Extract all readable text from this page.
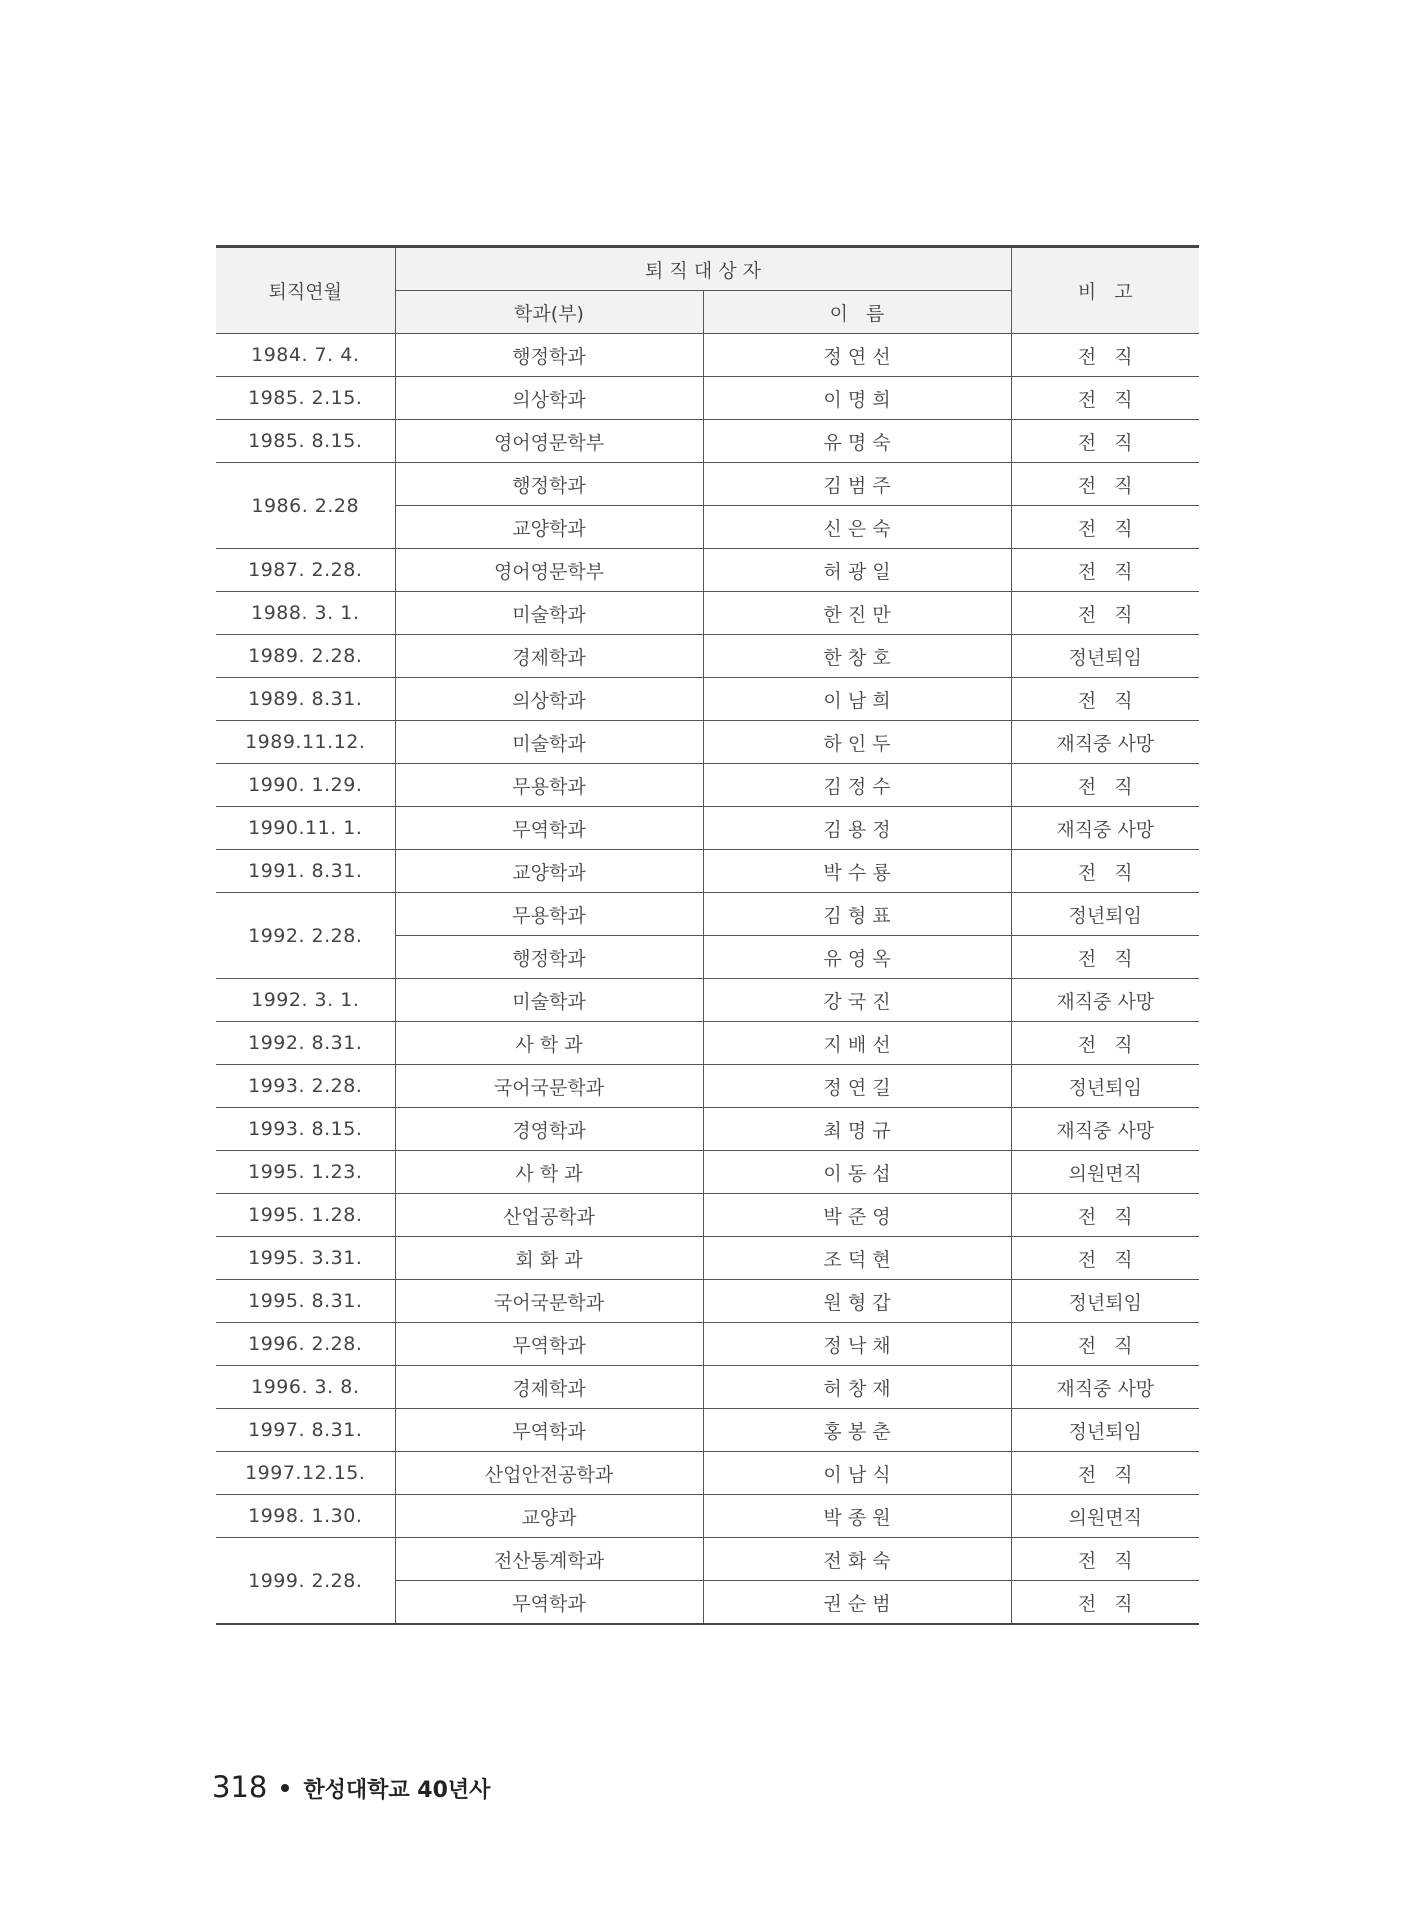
퇴직연월	퇴 직 대 상 자		비   고
	학과(부)	이   름	
1984. 7. 4.	행정학과	정 연 선	전   직
1985. 2.15.	의상학과	이 명 희	전   직
1985. 8.15.	영어영문학부	유 명 숙	전   직
1986. 2.28	행정학과	김 범 주	전   직
	교양학과	신 은 숙	전   직
1987. 2.28.	영어영문학부	허 광 일	전   직
1988. 3. 1.	미술학과	한 진 만	전   직
1989. 2.28.	경제학과	한 창 호	정년퇴임
1989. 8.31.	의상학과	이 남 희	전   직
1989.11.12.	미술학과	하 인 두	재직중 사망
1990. 1.29.	무용학과	김 정 수	전   직
1990.11. 1.	무역학과	김 용 정	재직중 사망
1991. 8.31.	교양학과	박 수 룡	전   직
1992. 2.28.	무용학과	김 형 표	정년퇴임
	행정학과	유 영 옥	전   직
1992. 3. 1.	미술학과	강 국 진	재직중 사망
1992. 8.31.	사 학 과	지 배 선	전   직
1993. 2.28.	국어국문학과	정 연 길	정년퇴임
1993. 8.15.	경영학과	최 명 규	재직중 사망
1995. 1.23.	사 학 과	이 동 섭	의원면직
1995. 1.28.	산업공학과	박 준 영	전   직
1995. 3.31.	회 화 과	조 덕 현	전   직
1995. 8.31.	국어국문학과	원 형 갑	정년퇴임
1996. 2.28.	무역학과	정 낙 채	전   직
1996. 3. 8.	경제학과	허 창 재	재직중 사망
1997. 8.31.	무역학과	홍 봉 춘	정년퇴임
1997.12.15.	산업안전공학과	이 남 식	전   직
1998. 1.30.	교양과	박 종 원	의원면직
1999. 2.28.	전산통계학과	전 화 숙	전   직
	무역학과	권 순 범	전   직
318 한성대학교 40년사
